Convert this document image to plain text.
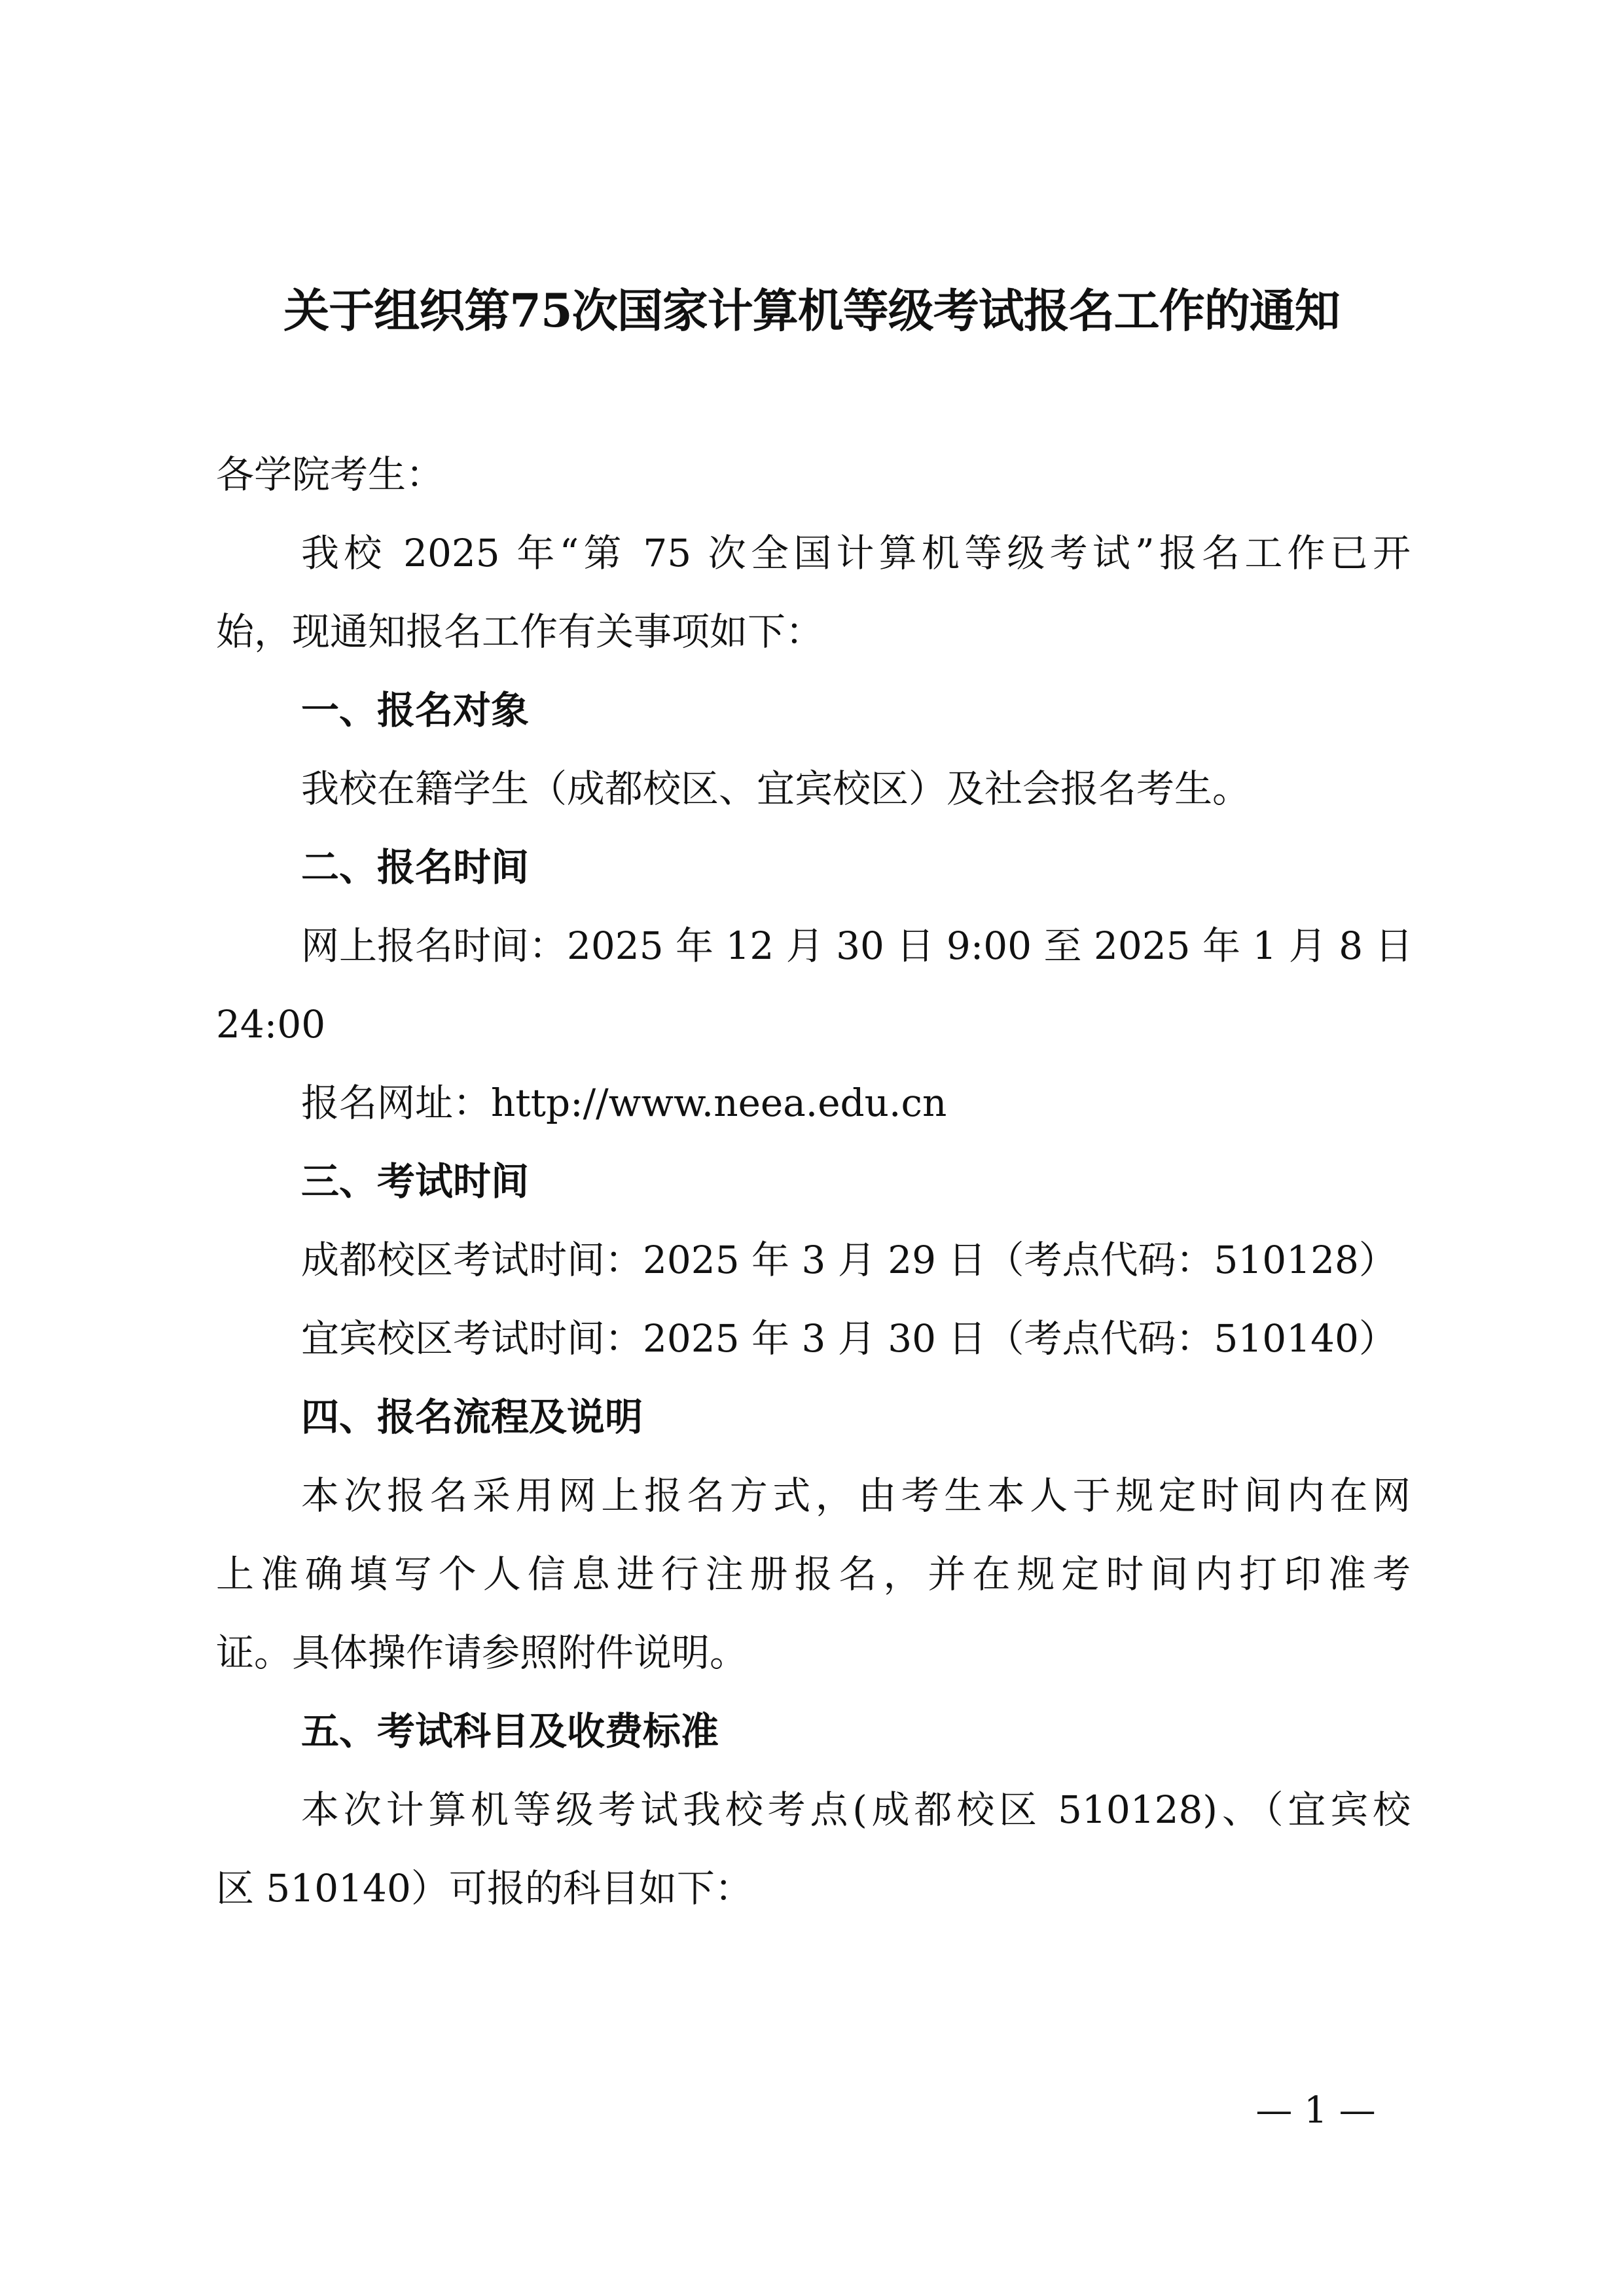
关于组织第75次国家计算机等级考试报名工作的通知
各学院考生：
我校 2025 年“第 75 次全国计算机等级考试”报名工作已开
始，现通知报名工作有关事项如下：
一、报名对象
我校在籍学生（成都校区、宜宾校区）及社会报名考生。
二、报名时间
网上报名时间：2025 年 12 月 30 日 9:00 至 2025 年 1 月 8 日
24:00
报名网址：http://www.neea.edu.cn
三、考试时间
成都校区考试时间：2025 年 3 月 29 日（考点代码：510128）
宜宾校区考试时间：2025 年 3 月 30 日（考点代码：510140）
四、报名流程及说明
本次报名采用网上报名方式，由考生本人于规定时间内在网
上准确填写个人信息进行注册报名，并在规定时间内打印准考
证。具体操作请参照附件说明。
五、考试科目及收费标准
本次计算机等级考试我校考点(成都校区 510128)、（宜宾校
区 510140）可报的科目如下：
— 1 —
